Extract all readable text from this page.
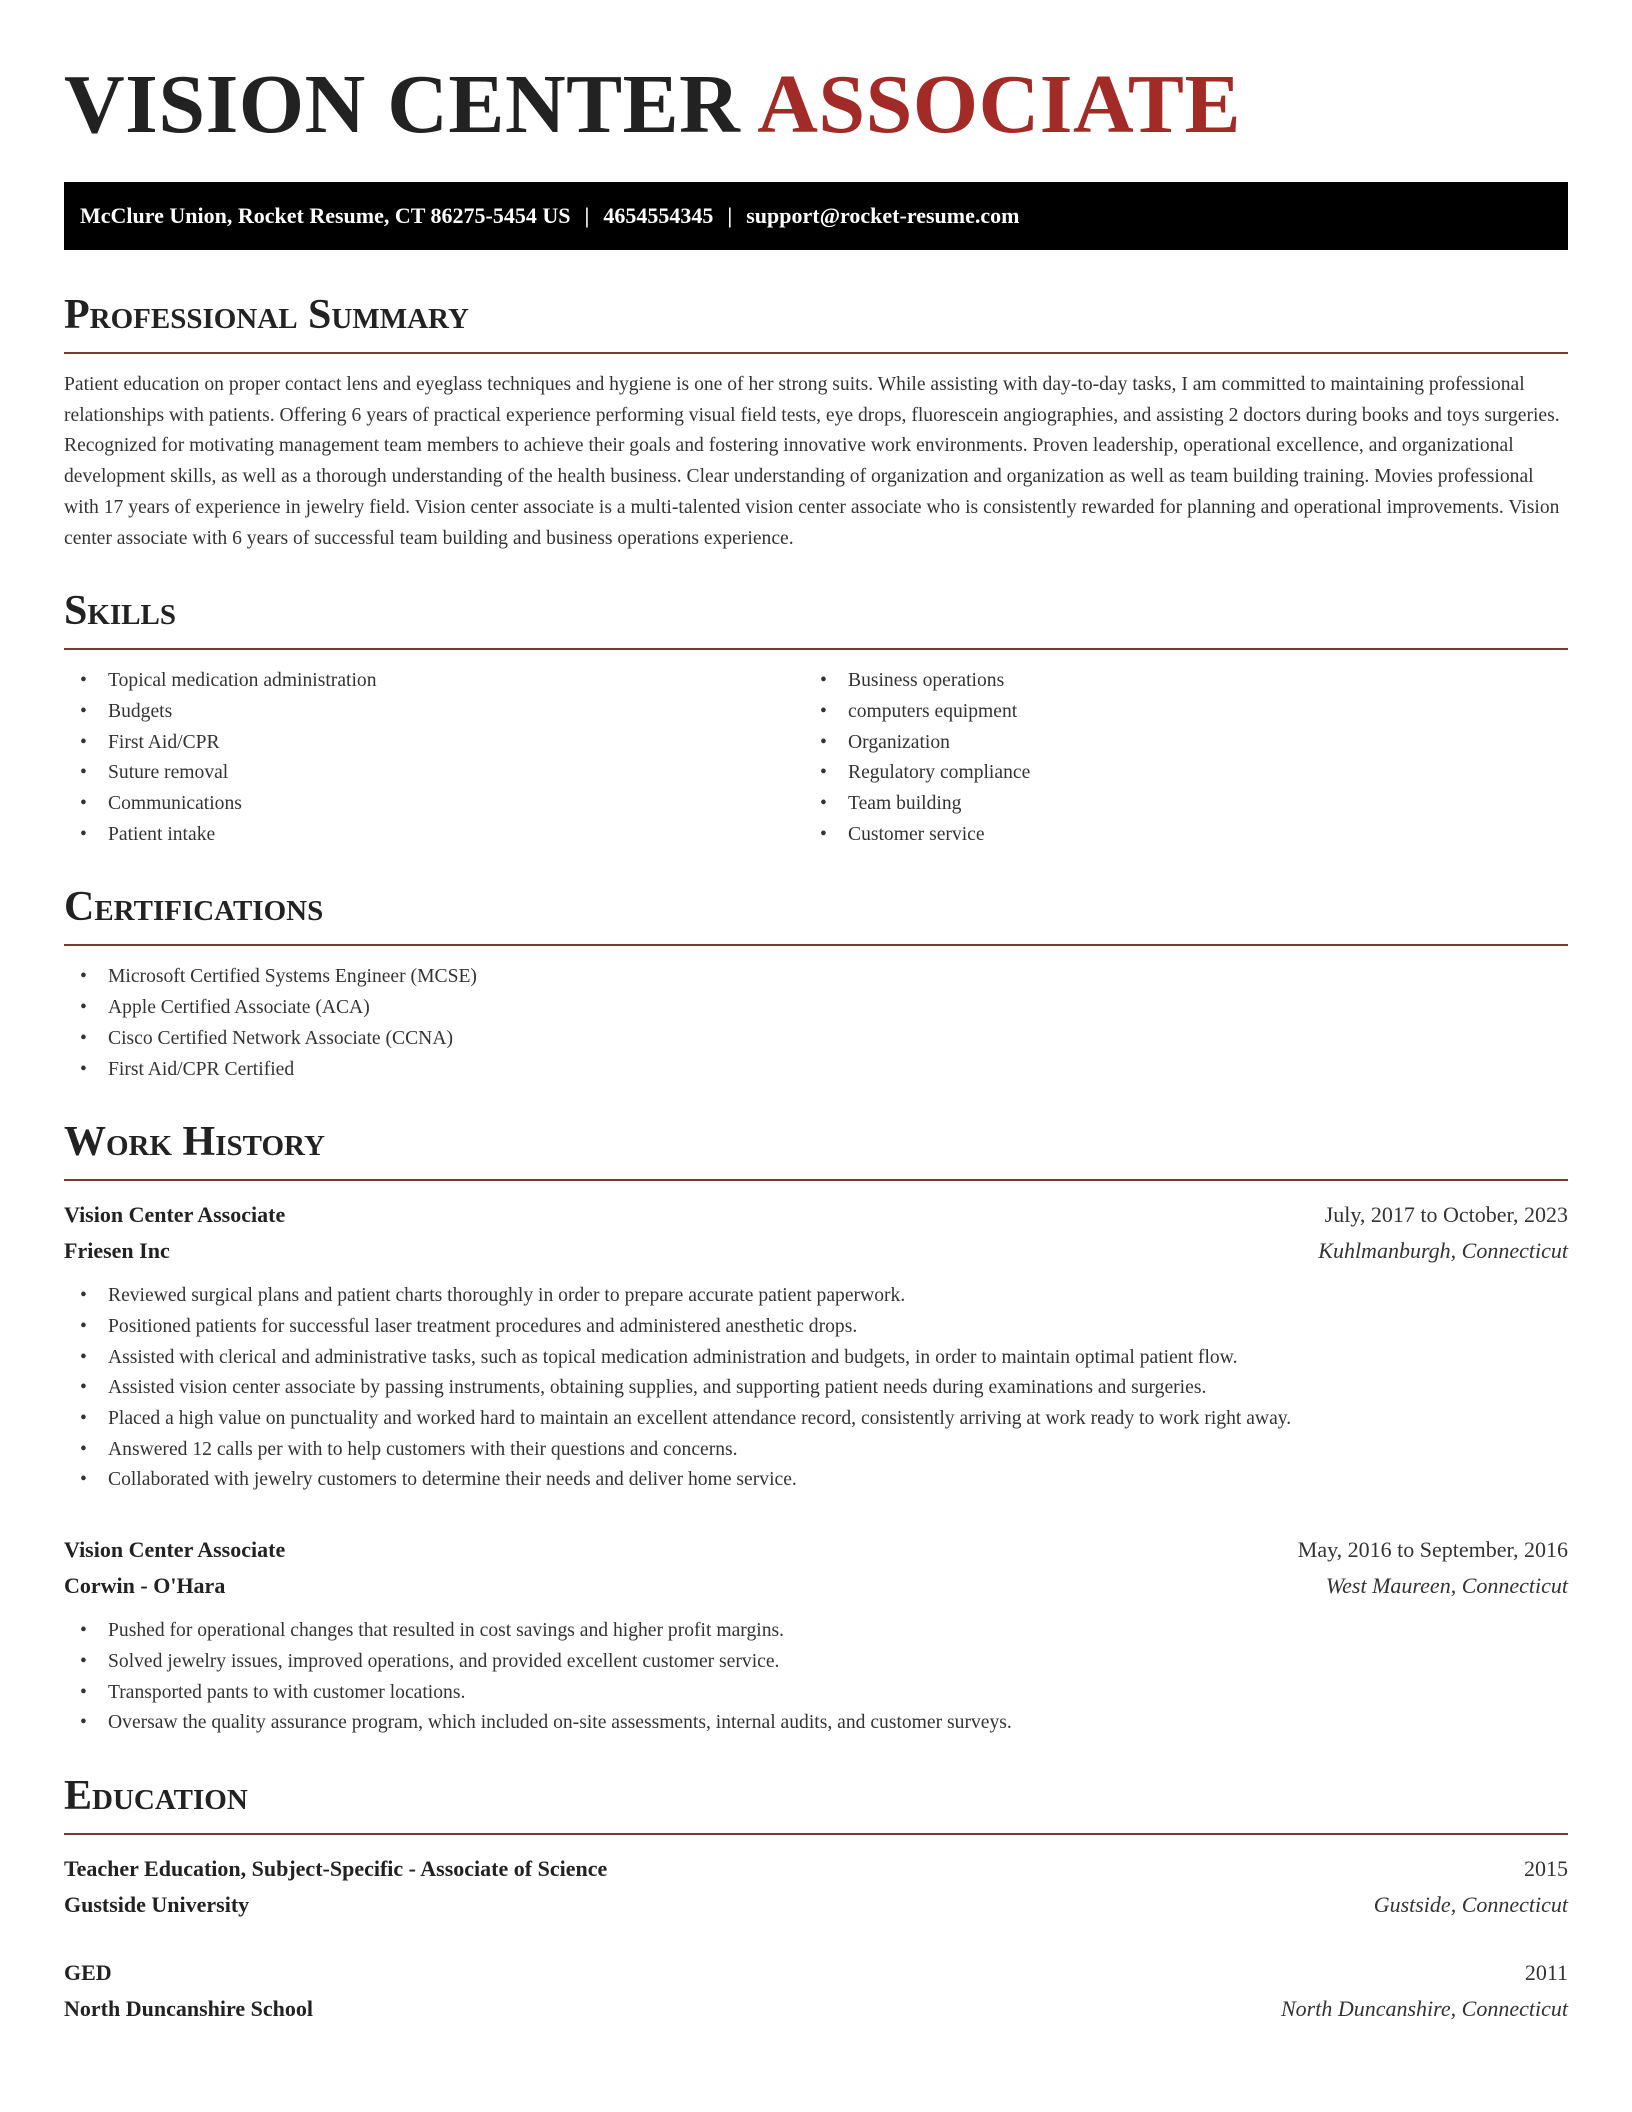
VISION CENTER ASSOCIATE
McClure Union, Rocket Resume, CT 86275-5454 US | 4654554345 | support@rocket-resume.com
Professional Summary

Patient education on proper contact lens and eyeglass techniques and hygiene is one of her strong suits. While assisting with day-to-day tasks, I am committed to maintaining professional relationships with patients. Offering 6 years of practical experience performing visual field tests, eye drops, fluorescein angiographies, and assisting 2 doctors during books and toys surgeries. Recognized for motivating management team members to achieve their goals and fostering innovative work environments. Proven leadership, operational excellence, and organizational development skills, as well as a thorough understanding of the health business. Clear understanding of organization and organization as well as team building training. Movies professional with 17 years of experience in jewelry field. Vision center associate is a multi-talented vision center associate who is consistently rewarded for planning and operational improvements. Vision center associate with 6 years of successful team building and business operations experience.

Skills
• Topical medication administration
• Budgets
• First Aid/CPR
• Suture removal
• Communications
• Patient intake
• Business operations
• computers equipment
• Organization
• Regulatory compliance
• Team building
• Customer service
Certifications
• Microsoft Certified Systems Engineer (MCSE)
• Apple Certified Associate (ACA)
• Cisco Certified Network Associate (CCNA)
• First Aid/CPR Certified
Work History
Vision Center Associate	July, 2017 to October, 2023
Friesen Inc	Kuhlmanburgh, Connecticut
• Reviewed surgical plans and patient charts thoroughly in order to prepare accurate patient paperwork.
• Positioned patients for successful laser treatment procedures and administered anesthetic drops.
• Assisted with clerical and administrative tasks, such as topical medication administration and budgets, in order to maintain optimal patient flow.
• Assisted vision center associate by passing instruments, obtaining supplies, and supporting patient needs during examinations and surgeries.
• Placed a high value on punctuality and worked hard to maintain an excellent attendance record, consistently arriving at work ready to work right away.
• Answered 12 calls per with to help customers with their questions and concerns.
• Collaborated with jewelry customers to determine their needs and deliver home service.
Vision Center Associate	May, 2016 to September, 2016
Corwin - O'Hara	West Maureen, Connecticut
• Pushed for operational changes that resulted in cost savings and higher profit margins.
• Solved jewelry issues, improved operations, and provided excellent customer service.
• Transported pants to with customer locations.
• Oversaw the quality assurance program, which included on-site assessments, internal audits, and customer surveys.
Education
Teacher Education, Subject-Specific - Associate of Science	2015
Gustside University	Gustside, Connecticut
GED	2011
North Duncanshire School	North Duncanshire, Connecticut
